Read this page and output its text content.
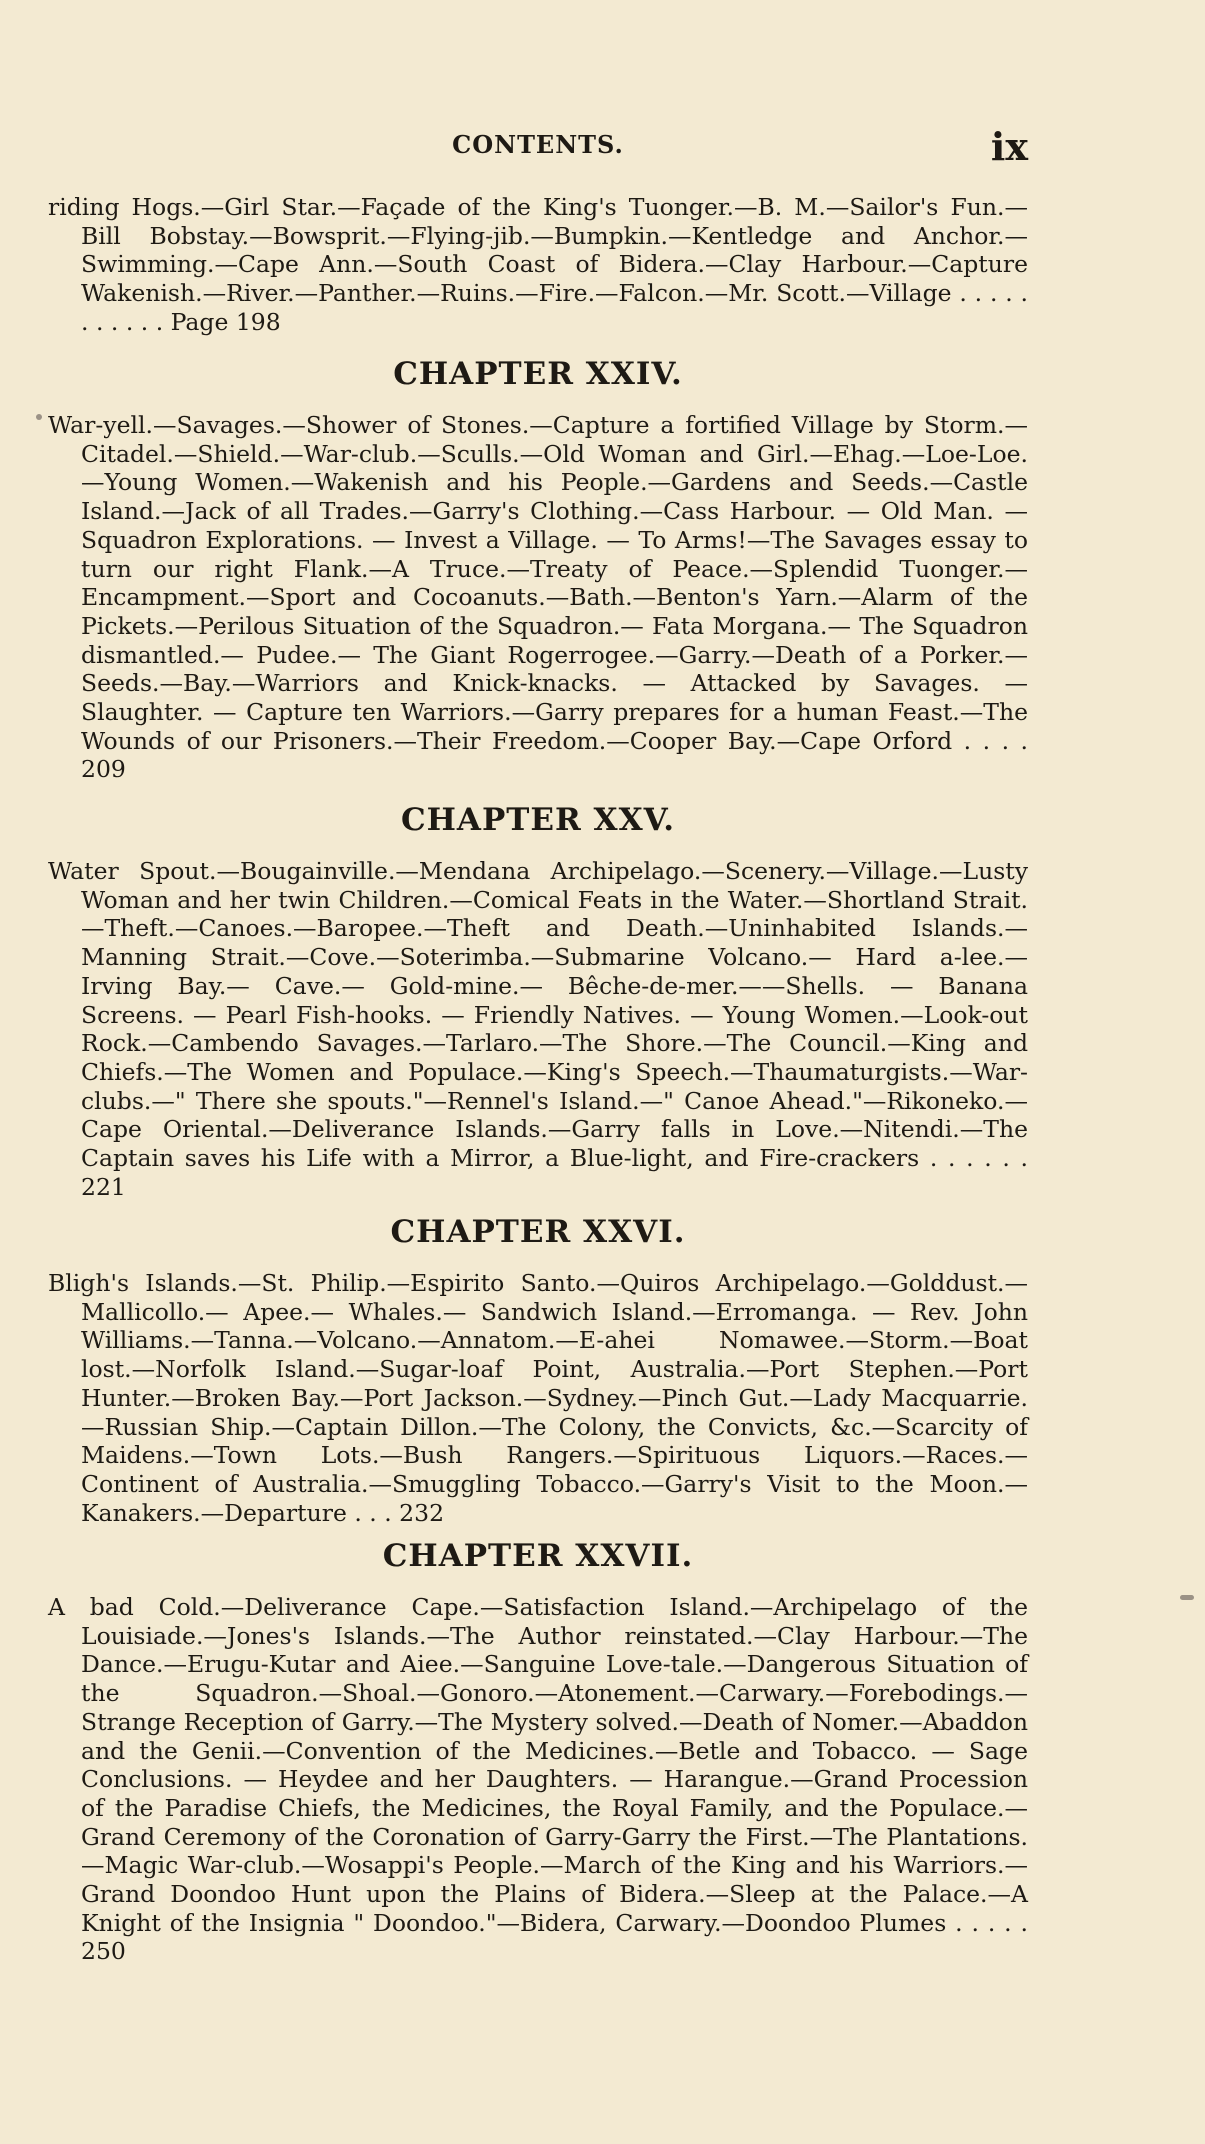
CONTENTS.	ix

riding Hogs.—Girl Star.—Façade of the King's Tuonger.—B. M.—Sailor's Fun.—Bill Bobstay.—Bowsprit.—Flying-jib.—Bumpkin.—Kentledge and Anchor.—Swimming.—Cape Ann.—South Coast of Bidera.—Clay Harbour.—Capture Wakenish.—River.—Panther.—Ruins.—Fire.—Falcon.—Mr. Scott.—Village . . . . . . . . . . . Page 198

CHAPTER XXIV.

War-yell.—Savages.—Shower of Stones.—Capture a fortified Village by Storm.—Citadel.—Shield.—War-club.—Sculls.—Old Woman and Girl.—Ehag.—Loe-Loe.—Young Women.—Wakenish and his People.—Gardens and Seeds.—Castle Island.—Jack of all Trades.—Garry's Clothing.—Cass Harbour. — Old Man. — Squadron Explorations. — Invest a Village. — To Arms!—The Savages essay to turn our right Flank.—A Truce.—Treaty of Peace.—Splendid Tuonger.—Encampment.—Sport and Cocoanuts.—Bath.—Benton's Yarn.—Alarm of the Pickets.—Perilous Situation of the Squadron.— Fata Morgana.— The Squadron dismantled.— Pudee.— The Giant Rogerrogee.—Garry.—Death of a Porker.—Seeds.—Bay.—Warriors and Knick-knacks. — Attacked by Savages. — Slaughter. — Capture ten Warriors.—Garry prepares for a human Feast.—The Wounds of our Prisoners.—Their Freedom.—Cooper Bay.—Cape Orford . . . . 209

CHAPTER XXV.

Water Spout.—Bougainville.—Mendana Archipelago.—Scenery.—Village.—Lusty Woman and her twin Children.—Comical Feats in the Water.—Shortland Strait.—Theft.—Canoes.—Baropee.—Theft and Death.—Uninhabited Islands.—Manning Strait.—Cove.—Soterimba.—Submarine Volcano.— Hard a-lee.— Irving Bay.— Cave.— Gold-mine.— Bêche-de-mer.——Shells. — Banana Screens. — Pearl Fish-hooks. — Friendly Natives. — Young Women.—Look-out Rock.—Cambendo Savages.—Tarlaro.—The Shore.—The Council.—King and Chiefs.—The Women and Populace.—King's Speech.—Thaumaturgists.—War-clubs.—" There she spouts."—Rennel's Island.—" Canoe Ahead."—Rikoneko.—Cape Oriental.—Deliverance Islands.—Garry falls in Love.—Nitendi.—The Captain saves his Life with a Mirror, a Blue-light, and Fire-crackers . . . . . . 221

CHAPTER XXVI.

Bligh's Islands.—St. Philip.—Espirito Santo.—Quiros Archipelago.—Golddust.— Mallicollo.— Apee.— Whales.— Sandwich Island.—Erromanga. — Rev. John Williams.—Tanna.—Volcano.—Annatom.—E-ahei Nomawee.—Storm.—Boat lost.—Norfolk Island.—Sugar-loaf Point, Australia.—Port Stephen.—Port Hunter.—Broken Bay.—Port Jackson.—Sydney.—Pinch Gut.—Lady Macquarrie.—Russian Ship.—Captain Dillon.—The Colony, the Convicts, &c.—Scarcity of Maidens.—Town Lots.—Bush Rangers.—Spirituous Liquors.—Races.—Continent of Australia.—Smuggling Tobacco.—Garry's Visit to the Moon.—Kanakers.—Departure . . . 232

CHAPTER XXVII.

A bad Cold.—Deliverance Cape.—Satisfaction Island.—Archipelago of the Louisiade.—Jones's Islands.—The Author reinstated.—Clay Harbour.—The Dance.—Erugu-Kutar and Aiee.—Sanguine Love-tale.—Dangerous Situation of the Squadron.—Shoal.—Gonoro.—Atonement.—Carwary.—Forebodings.—Strange Reception of Garry.—The Mystery solved.—Death of Nomer.—Abaddon and the Genii.—Convention of the Medicines.—Betle and Tobacco. — Sage Conclusions. — Heydee and her Daughters. — Harangue.—Grand Procession of the Paradise Chiefs, the Medicines, the Royal Family, and the Populace.—Grand Ceremony of the Coronation of Garry-Garry the First.—The Plantations.—Magic War-club.—Wosappi's People.—March of the King and his Warriors.—Grand Doondoo Hunt upon the Plains of Bidera.—Sleep at the Palace.—A Knight of the Insignia " Doondoo."—Bidera, Carwary.—Doondoo Plumes . . . . . 250
